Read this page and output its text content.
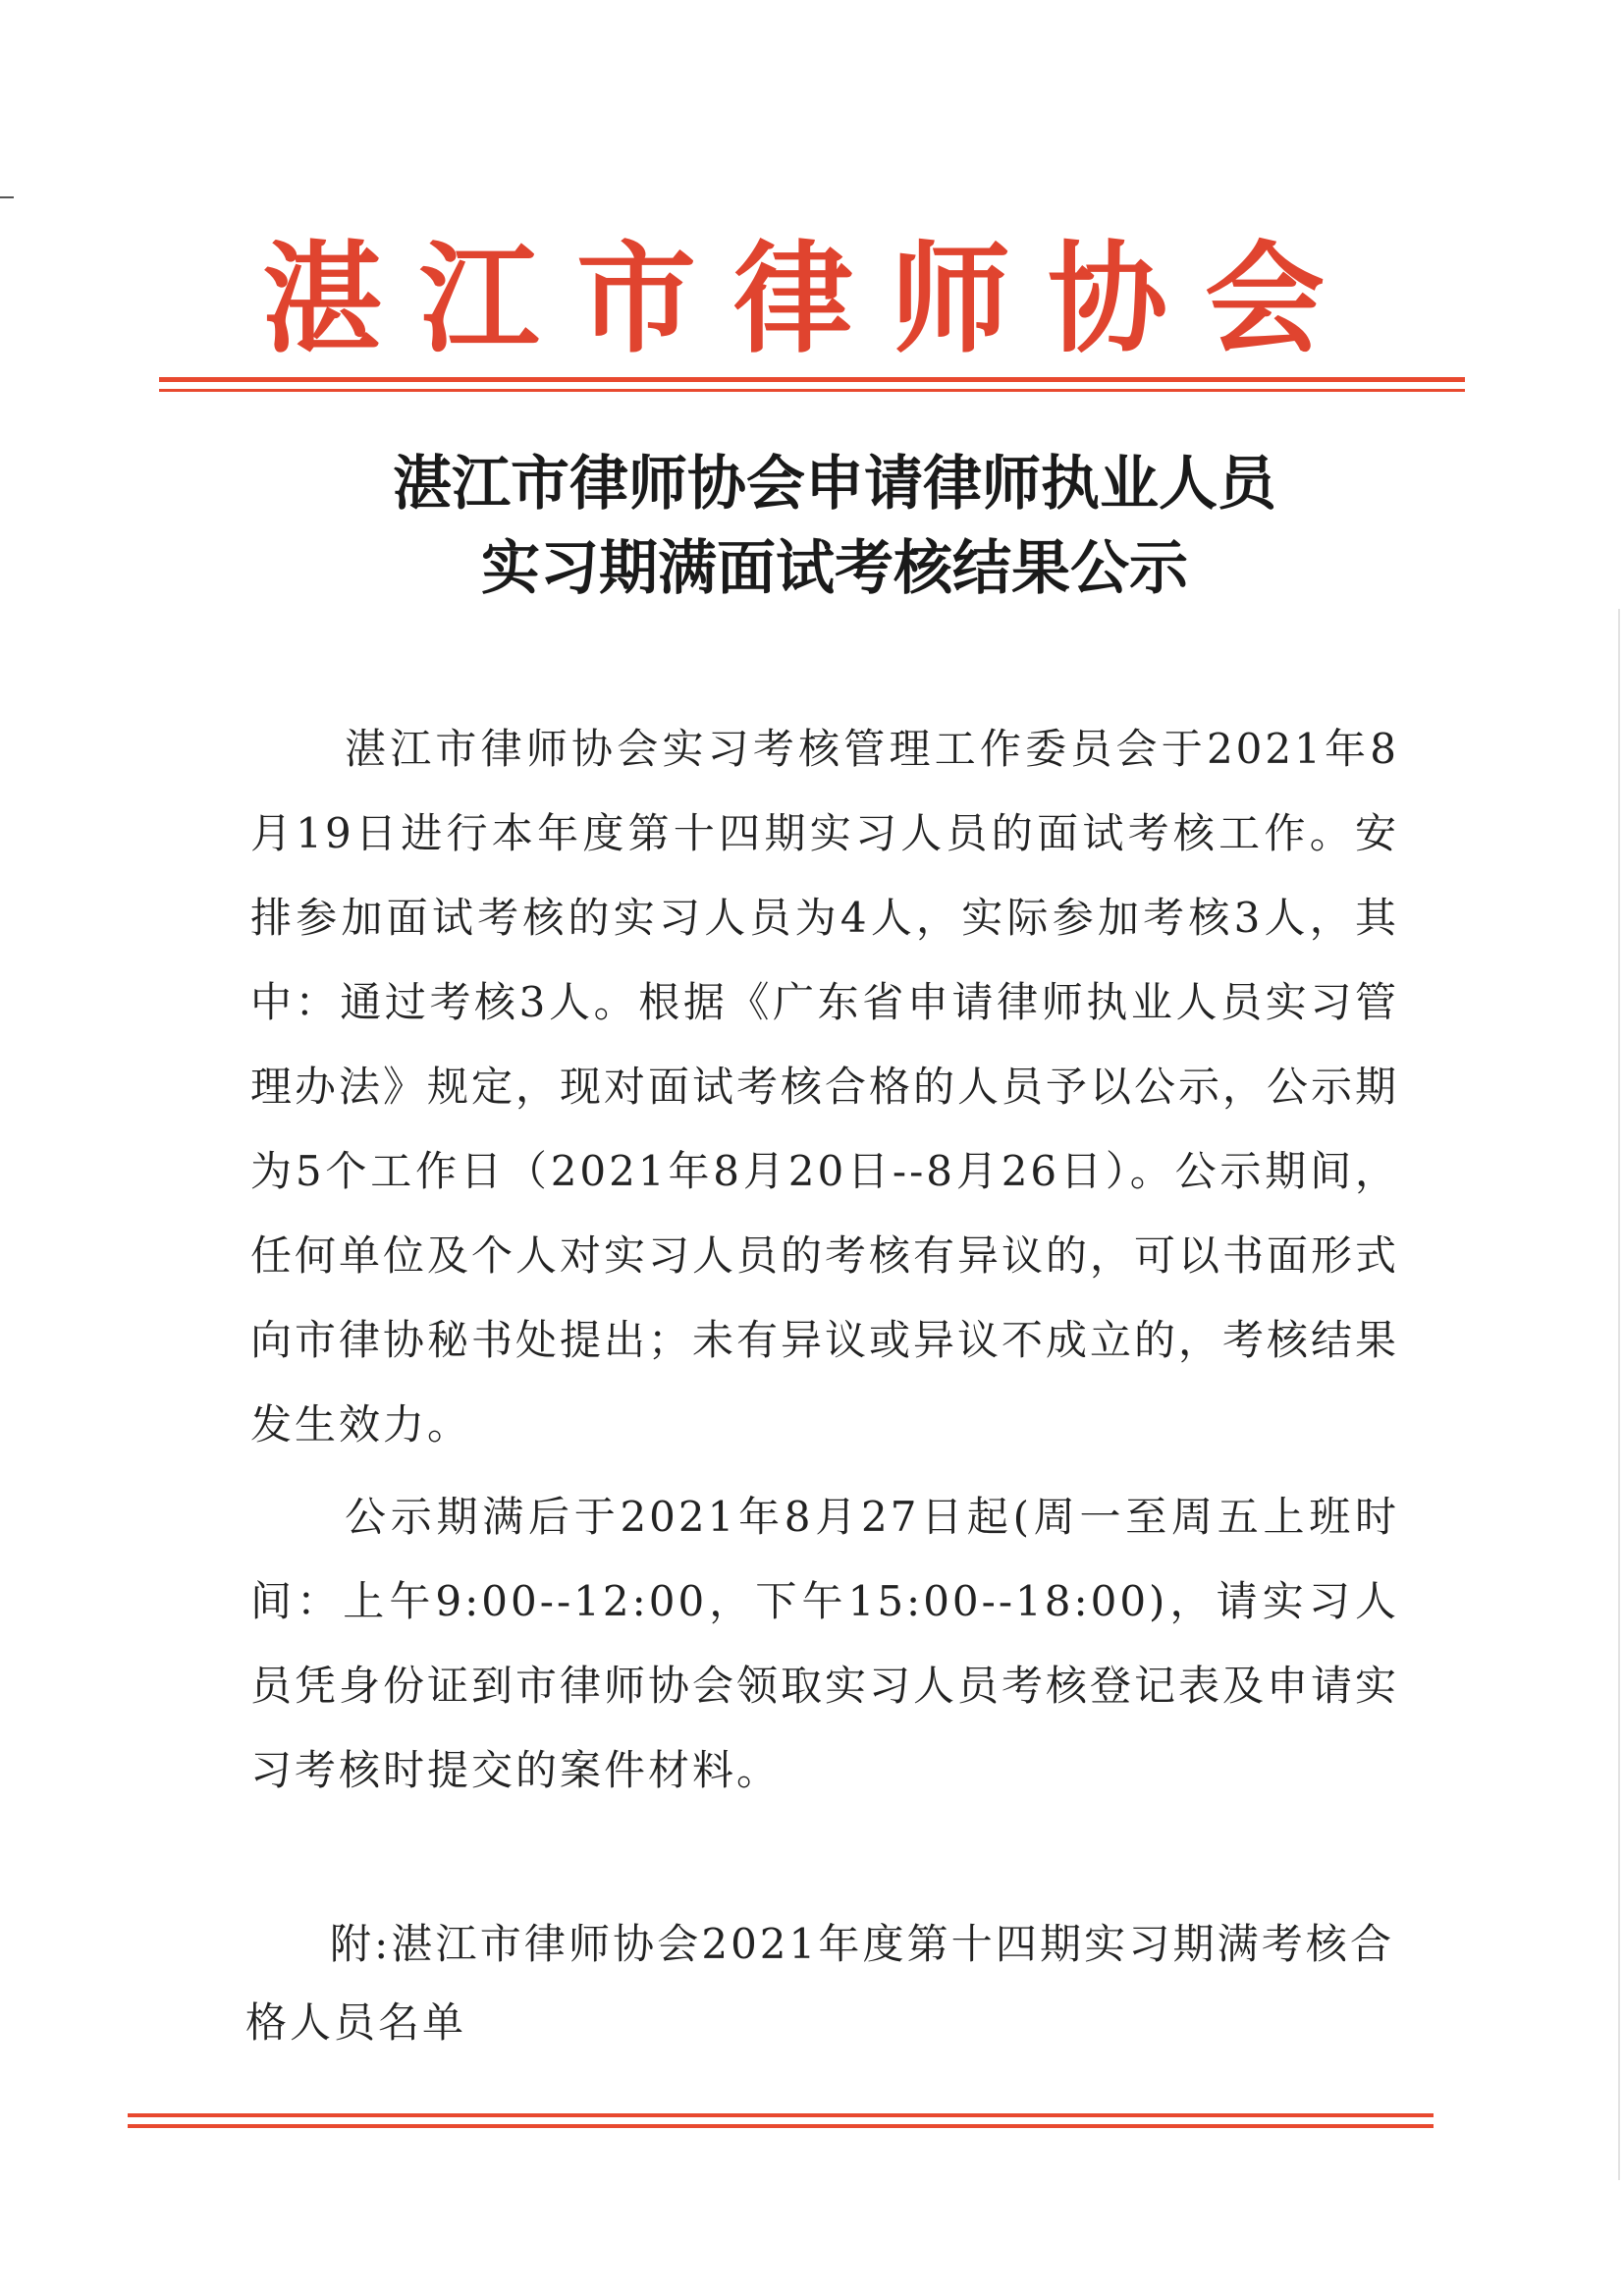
湛江市律师协会
湛江市律师协会申请律师执业人员
实习期满面试考核结果公示
湛江市律师协会实习考核管理工作委员会于2021年8月19日进行本年度第十四期实习人员的面试考核工作。安排参加面试考核的实习人员为4人，实际参加考核3人，其中：通过考核3人。根据《广东省申请律师执业人员实习管理办法》规定，现对面试考核合格的人员予以公示，公示期为5个工作日（2021年8月20日--8月26日）。公示期间，任何单位及个人对实习人员的考核有异议的，可以书面形式向市律协秘书处提出；未有异议或异议不成立的，考核结果发生效力。
公示期满后于2021年8月27日起(周一至周五上班时间：上午9:00--12:00，下午15:00--18:00)，请实习人员凭身份证到市律师协会领取实习人员考核登记表及申请实习考核时提交的案件材料。
附:湛江市律师协会2021年度第十四期实习期满考核合格人员名单
